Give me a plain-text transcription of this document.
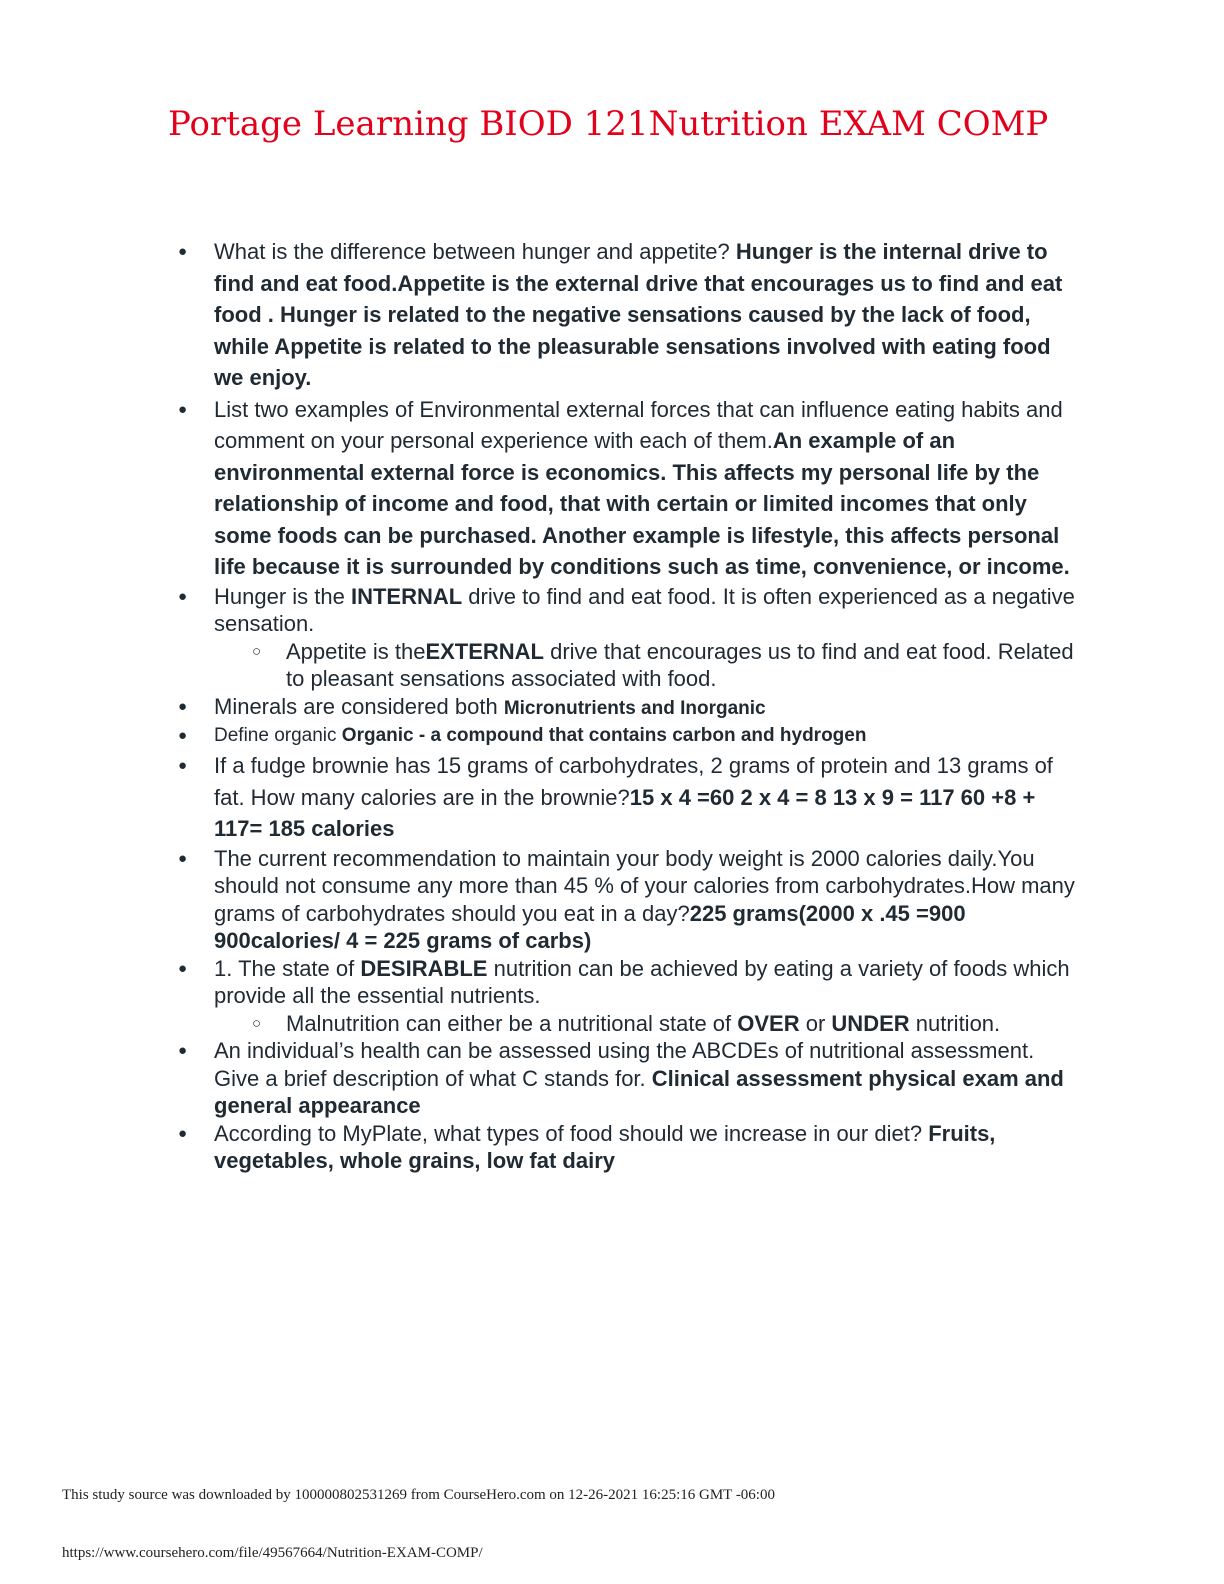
Portage Learning BIOD 121Nutrition EXAM COMP
● What is the difference between hunger and appetite? Hunger is the internal drive to find and eat food.Appetite is the external drive that encourages us to find and eat food . Hunger is related to the negative sensations caused by the lack of food, while Appetite is related to the pleasurable sensations involved with eating food we enjoy.
● List two examples of Environmental external forces that can influence eating habits and comment on your personal experience with each of them.An example of an environmental external force is economics. This affects my personal life by the relationship of income and food, that with certain or limited incomes that only some foods can be purchased. Another example is lifestyle, this affects personal life because it is surrounded by conditions such as time, convenience, or income.
● Hunger is the INTERNAL drive to find and eat food. It is often experienced as a negative sensation.
○ Appetite is theEXTERNAL drive that encourages us to find and eat food. Related to pleasant sensations associated with food.
● Minerals are considered both Micronutrients and Inorganic
● Define organic Organic - a compound that contains carbon and hydrogen
● If a fudge brownie has 15 grams of carbohydrates, 2 grams of protein and 13 grams of fat. How many calories are in the brownie?15 x 4 =60 2 x 4 = 8 13 x 9 = 117 60 +8 + 117= 185 calories
● The current recommendation to maintain your body weight is 2000 calories daily.You should not consume any more than 45 % of your calories from carbohydrates.How many grams of carbohydrates should you eat in a day?225 grams(2000 x .45 =900 900calories/ 4 = 225 grams of carbs)
● 1. The state of DESIRABLE nutrition can be achieved by eating a variety of foods which provide all the essential nutrients.
○ Malnutrition can either be a nutritional state of OVER or UNDER nutrition.
● An individual’s health can be assessed using the ABCDEs of nutritional assessment. Give a brief description of what C stands for. Clinical assessment physical exam and general appearance
● According to MyPlate, what types of food should we increase in our diet? Fruits, vegetables, whole grains, low fat dairy
This study source was downloaded by 100000802531269 from CourseHero.com on 12-26-2021 16:25:16 GMT -06:00
https://www.coursehero.com/file/49567664/Nutrition-EXAM-COMP/
